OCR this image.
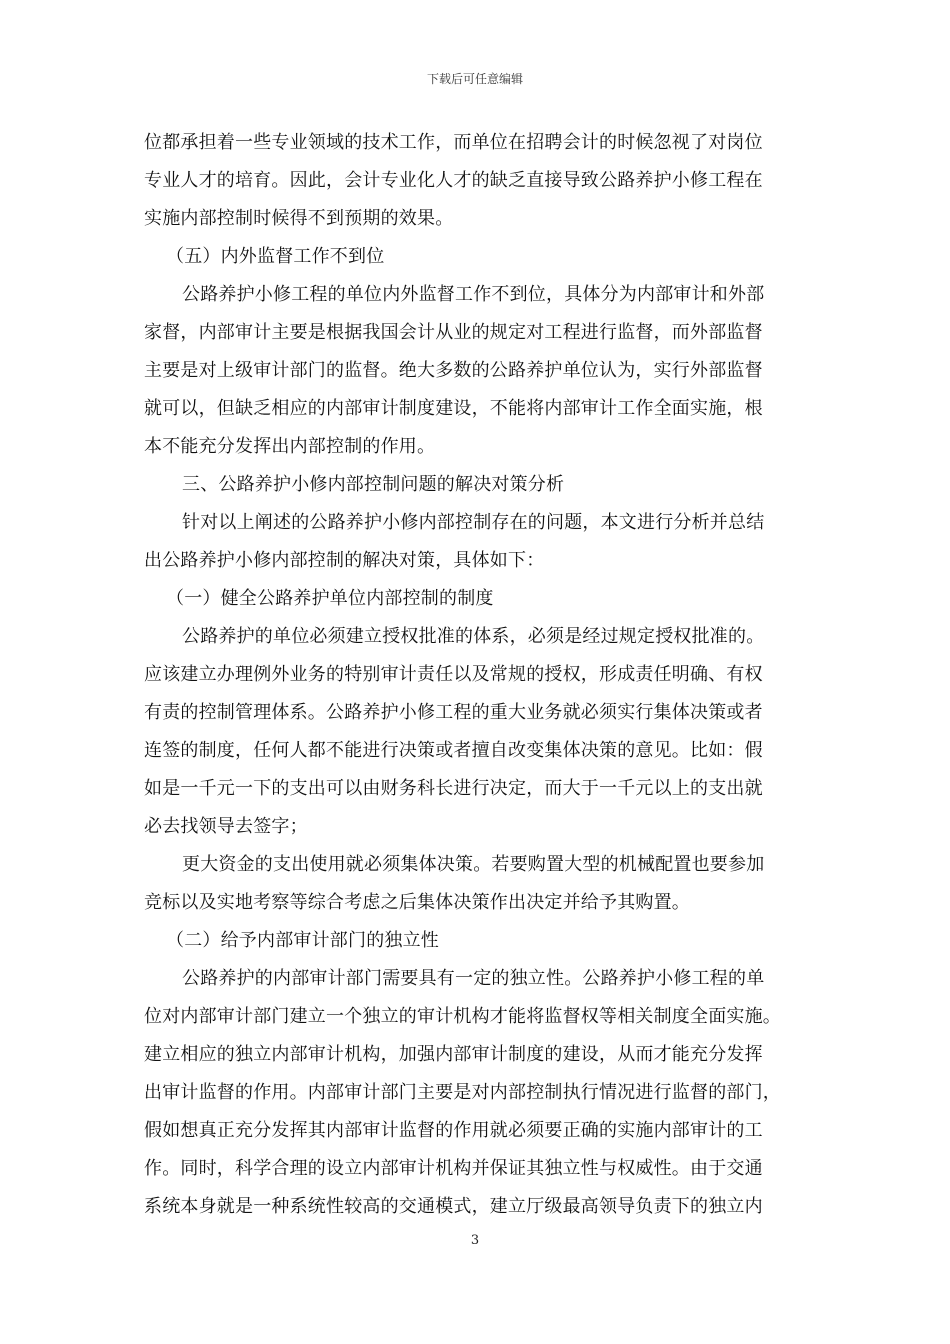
下载后可任意编辑
位都承担着一些专业领域的技术工作，而单位在招聘会计的时候忽视了对岗位
专业人才的培育。因此，会计专业化人才的缺乏直接导致公路养护小修工程在
实施内部控制时候得不到预期的效果。
（五）内外监督工作不到位
公路养护小修工程的单位内外监督工作不到位，具体分为内部审计和外部
家督，内部审计主要是根据我国会计从业的规定对工程进行监督，而外部监督
主要是对上级审计部门的监督。绝大多数的公路养护单位认为，实行外部监督
就可以，但缺乏相应的内部审计制度建设，不能将内部审计工作全面实施，根
本不能充分发挥出内部控制的作用。
三、公路养护小修内部控制问题的解决对策分析
针对以上阐述的公路养护小修内部控制存在的问题，本文进行分析并总结
出公路养护小修内部控制的解决对策，具体如下：
（一）健全公路养护单位内部控制的制度
公路养护的单位必须建立授权批准的体系，必须是经过规定授权批准的。
应该建立办理例外业务的特别审计责任以及常规的授权，形成责任明确、有权
有责的控制管理体系。公路养护小修工程的重大业务就必须实行集体决策或者
连签的制度，任何人都不能进行决策或者擅自改变集体决策的意见。比如：假
如是一千元一下的支出可以由财务科长进行决定，而大于一千元以上的支出就
必去找领导去签字；
更大资金的支出使用就必须集体决策。若要购置大型的机械配置也要参加
竞标以及实地考察等综合考虑之后集体决策作出决定并给予其购置。
（二）给予内部审计部门的独立性
公路养护的内部审计部门需要具有一定的独立性。公路养护小修工程的单
位对内部审计部门建立一个独立的审计机构才能将监督权等相关制度全面实施。
建立相应的独立内部审计机构，加强内部审计制度的建设，从而才能充分发挥
出审计监督的作用。内部审计部门主要是对内部控制执行情况进行监督的部门，
假如想真正充分发挥其内部审计监督的作用就必须要正确的实施内部审计的工
作。同时，科学合理的设立内部审计机构并保证其独立性与权威性。由于交通
系统本身就是一种系统性较高的交通模式，建立厅级最高领导负责下的独立内
3
